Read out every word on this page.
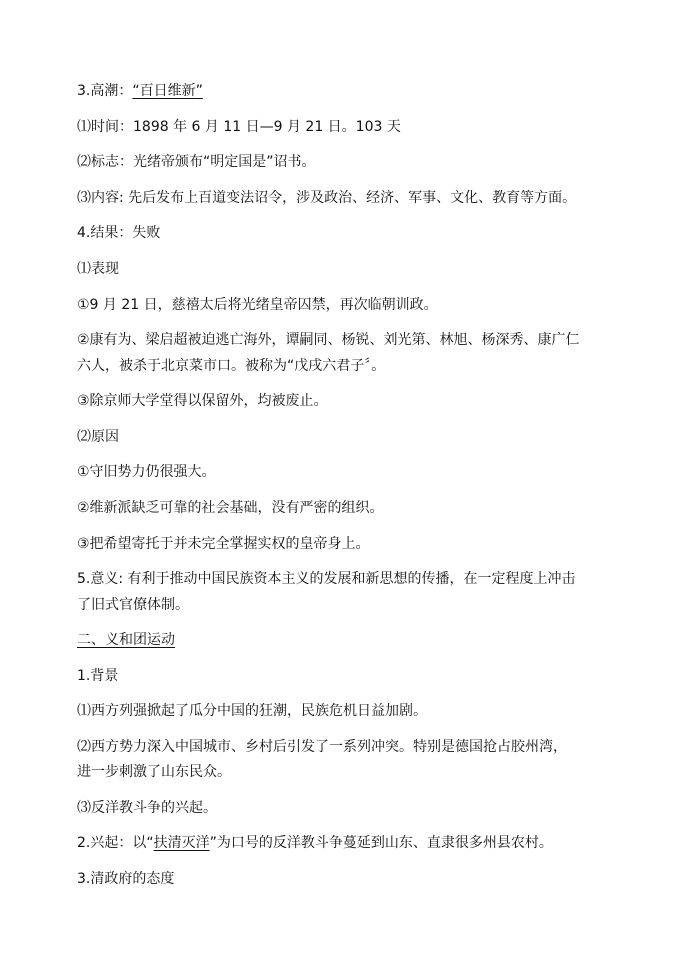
3.高潮：“百日维新”
⑴时间：1898 年 6 月 11 日—9 月 21 日。103 天
⑵标志：光绪帝颁布“明定国是”诏书。
⑶内容: 先后发布上百道变法诏令，涉及政治、经济、军事、文化、教育等方面。
4.结果：失败
⑴表现
①9 月 21 日，慈禧太后将光绪皇帝囚禁，再次临朝训政。
②康有为、梁启超被迫逃亡海外，谭嗣同、杨锐、刘光第、林旭、杨深秀、康广仁
六人，被杀于北京菜市口。被称为“戊戌六君子〞。
③除京师大学堂得以保留外，均被废止。
⑵原因
①守旧势力仍很强大。
②维新派缺乏可靠的社会基础，没有严密的组织。
③把希望寄托于并未完全掌握实权的皇帝身上。
5.意义: 有利于推动中国民族资本主义的发展和新思想的传播，在一定程度上冲击
了旧式官僚体制。
二、义和团运动
1.背景
⑴西方列强掀起了瓜分中国的狂潮，民族危机日益加剧。
⑵西方势力深入中国城市、乡村后引发了一系列冲突。特别是德国抢占胶州湾，
进一步刺激了山东民众。
⑶反洋教斗争的兴起。
2.兴起：以“扶清灭洋”为口号的反洋教斗争蔓延到山东、直隶很多州县农村。
3.清政府的态度
